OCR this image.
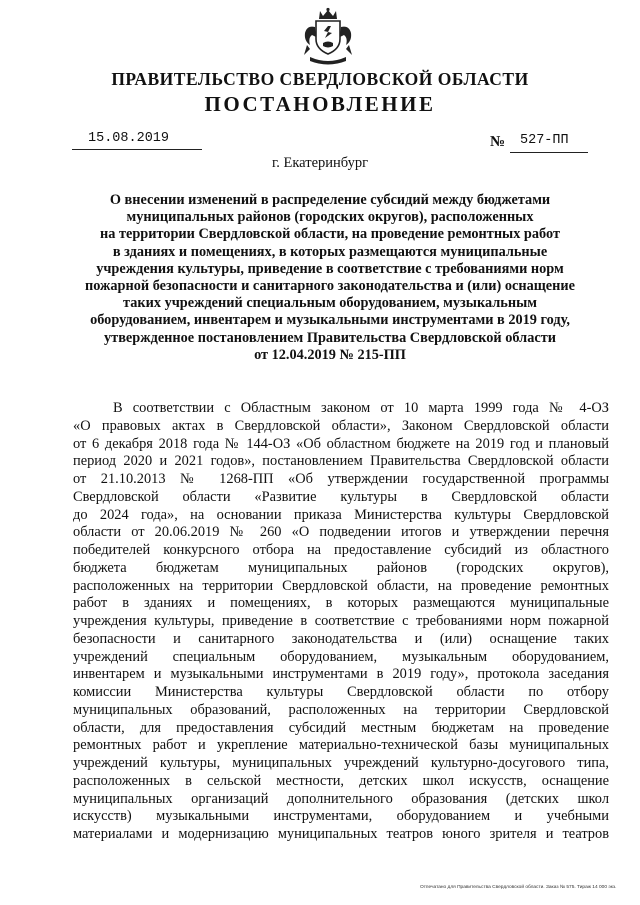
ПРАВИТЕЛЬСТВО СВЕРДЛОВСКОЙ ОБЛАСТИ
ПОСТАНОВЛЕНИЕ
15.08.2019	№ 527-ПП
г. Екатеринбург
О внесении изменений в распределение субсидий между бюджетами
муниципальных районов (городских округов), расположенных
на территории Свердловской области, на проведение ремонтных работ
в зданиях и помещениях, в которых размещаются муниципальные
учреждения культуры, приведение в соответствие с требованиями норм
пожарной безопасности и санитарного законодательства и (или) оснащение
таких учреждений специальным оборудованием, музыкальным
оборудованием, инвентарем и музыкальными инструментами в 2019 году,
утвержденное постановлением Правительства Свердловской области
от 12.04.2019 № 215-ПП
В соответствии с Областным законом от 10 марта 1999 года № 4-ОЗ
«О правовых актах в Свердловской области», Законом Свердловской области
от 6 декабря 2018 года № 144-ОЗ «Об областном бюджете на 2019 год и плановый
период 2020 и 2021 годов», постановлением Правительства Свердловской области
от 21.10.2013 № 1268-ПП «Об утверждении государственной программы
Свердловской области «Развитие культуры в Свердловской области
до 2024 года», на основании приказа Министерства культуры Свердловской
области от 20.06.2019 № 260 «О подведении итогов и утверждении перечня
победителей конкурсного отбора на предоставление субсидий из областного
бюджета бюджетам муниципальных районов (городских округов),
расположенных на территории Свердловской области, на проведение ремонтных
работ в зданиях и помещениях, в которых размещаются муниципальные
учреждения культуры, приведение в соответствие с требованиями норм пожарной
безопасности и санитарного законодательства и (или) оснащение таких
учреждений специальным оборудованием, музыкальным оборудованием,
инвентарем и музыкальными инструментами в 2019 году», протокола заседания
комиссии Министерства культуры Свердловской области по отбору
муниципальных образований, расположенных на территории Свердловской
области, для предоставления субсидий местным бюджетам на проведение
ремонтных работ и укрепление материально-технической базы муниципальных
учреждений культуры, муниципальных учреждений культурно-досугового типа,
расположенных в сельской местности, детских школ искусств, оснащение
муниципальных организаций дополнительного образования (детских школ
искусств) музыкальными инструментами, оборудованием и учебными
материалами и модернизацию муниципальных театров юного зрителя и театров
Отпечатано для Правительства Свердловской области. Заказ № 575. Тираж 14 000 экз.
